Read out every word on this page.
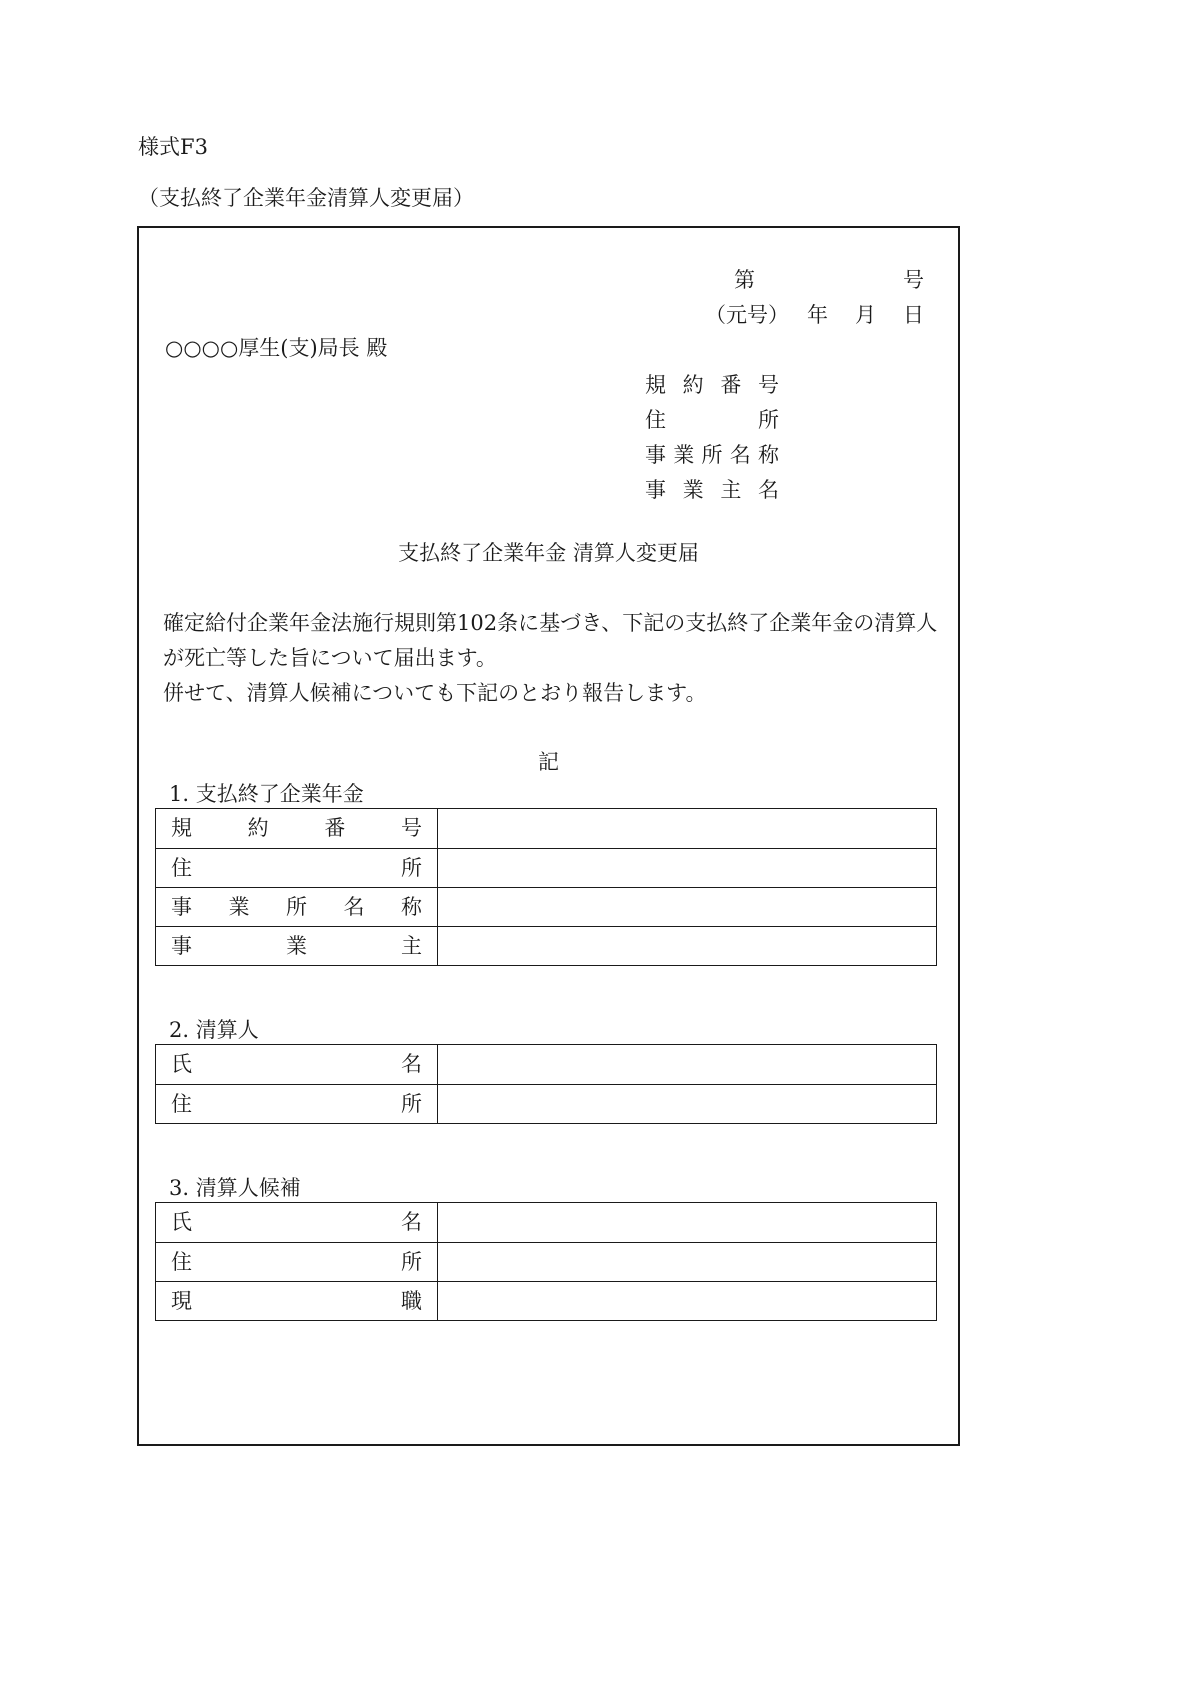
様式F3
（支払終了企業年金清算人変更届）
第	号
（元号） 年 月 日
○○○○厚生(支)局長 殿
規 約 番 号
住 所
事 業 所 名 称
事 業 主 名
支払終了企業年金 清算人変更届

確定給付企業年金法施行規則第102条に基づき、下記の支払終了企業年金の清算人が死亡等した旨について届出ます。

併せて、清算人候補についても下記のとおり報告します。

記
1. 支払終了企業年金
規 約 番 号
住 所
事 業 所 名 称
事 業 主
2. 清算人
氏 名
住 所
3. 清算人候補
氏 名
住 所
現 職
